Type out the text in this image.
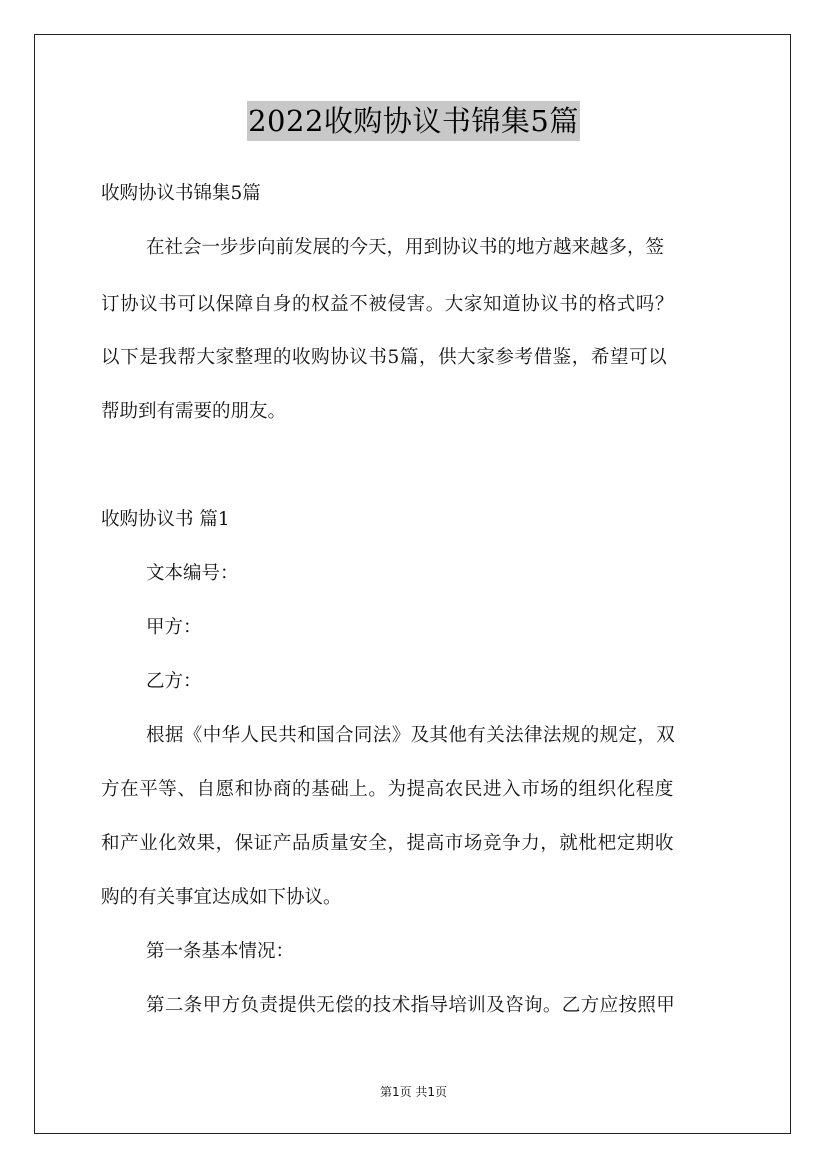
2022收购协议书锦集5篇
收购协议书锦集5篇
在社会一步步向前发展的今天，用到协议书的地方越来越多，签
订协议书可以保障自身的权益不被侵害。大家知道协议书的格式吗？
以下是我帮大家整理的收购协议书5篇，供大家参考借鉴，希望可以
帮助到有需要的朋友。
收购协议书 篇1
文本编号：
甲方：
乙方：
根据《中华人民共和国合同法》及其他有关法律法规的规定，双
方在平等、自愿和协商的基础上。为提高农民进入市场的组织化程度
和产业化效果，保证产品质量安全，提高市场竞争力，就枇杷定期收
购的有关事宜达成如下协议。
第一条基本情况：
第二条甲方负责提供无偿的技术指导培训及咨询。乙方应按照甲
第1页 共1页
